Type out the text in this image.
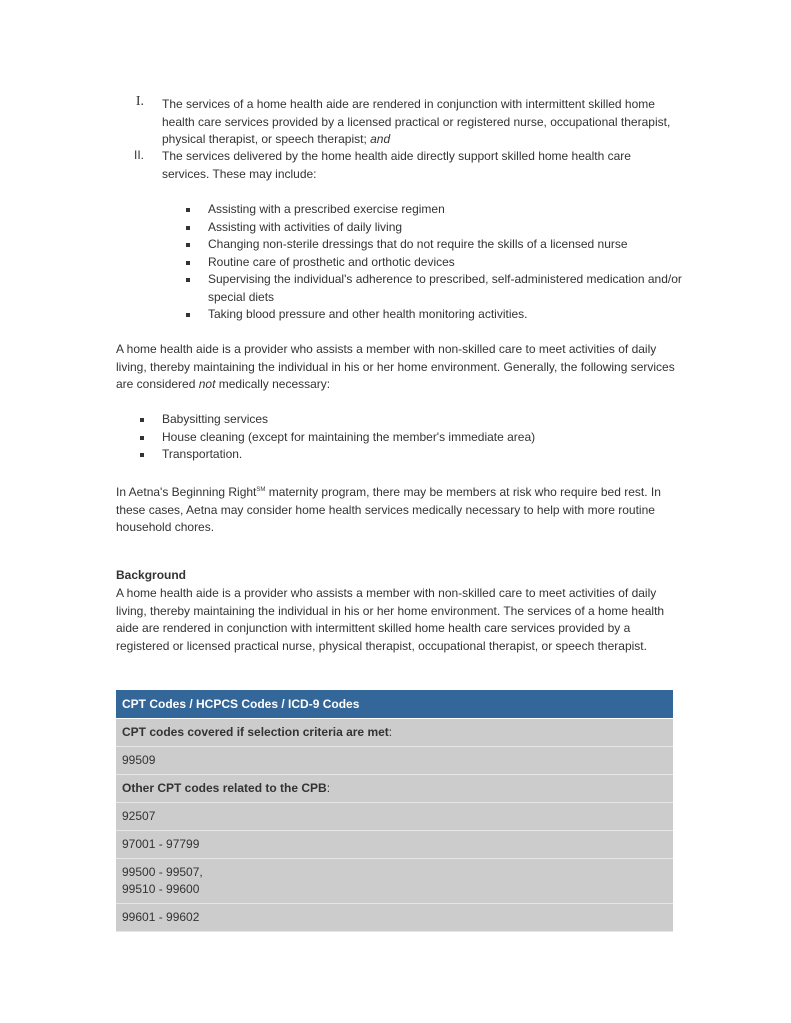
I. The services of a home health aide are rendered in conjunction with intermittent skilled home health care services provided by a licensed practical or registered nurse, occupational therapist, physical therapist, or speech therapist; and
II. The services delivered by the home health aide directly support skilled home health care services. These may include:
Assisting with a prescribed exercise regimen
Assisting with activities of daily living
Changing non-sterile dressings that do not require the skills of a licensed nurse
Routine care of prosthetic and orthotic devices
Supervising the individual's adherence to prescribed, self-administered medication and/or special diets
Taking blood pressure and other health monitoring activities.

A home health aide is a provider who assists a member with non-skilled care to meet activities of daily living, thereby maintaining the individual in his or her home environment. Generally, the following services are considered not medically necessary:

Babysitting services
House cleaning (except for maintaining the member's immediate area)
Transportation.

In Aetna's Beginning Right℠ maternity program, there may be members at risk who require bed rest. In these cases, Aetna may consider home health services medically necessary to help with more routine household chores.

Background

A home health aide is a provider who assists a member with non-skilled care to meet activities of daily living, thereby maintaining the individual in his or her home environment. The services of a home health aide are rendered in conjunction with intermittent skilled home health care services provided by a registered or licensed practical nurse, physical therapist, occupational therapist, or speech therapist.

CPT Codes / HCPCS Codes / ICD-9 Codes
CPT codes covered if selection criteria are met:
99509
Other CPT codes related to the CPB:
92507
97001 - 97799
99500 - 99507,
99510 - 99600
99601 - 99602
